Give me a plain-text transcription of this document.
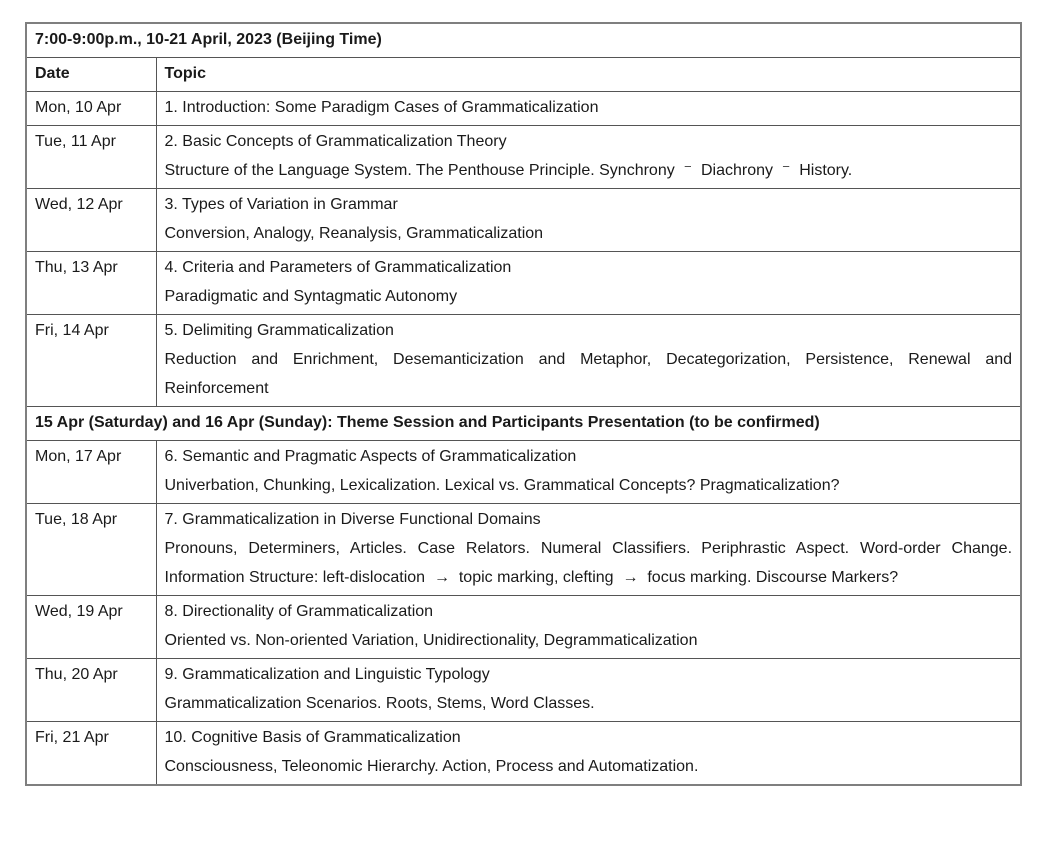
7:00-9:00p.m., 10-21 April, 2023 (Beijing Time)	
Date	Topic
Mon, 10 Apr	1. Introduction: Some Paradigm Cases of Grammaticalization

Tue, 11 Apr	2. Basic Concepts of Grammaticalization Theory
Structure of the Language System. The Penthouse Principle. Synchrony  ⁻  Diachrony  ⁻  History.

Wed, 12 Apr	3. Types of Variation in Grammar
Conversion, Analogy, Reanalysis, Grammaticalization

Thu, 13 Apr	4. Criteria and Parameters of Grammaticalization
Paradigmatic and Syntagmatic Autonomy

Fri, 14 Apr	5. Delimiting Grammaticalization
Reduction and Enrichment, Desemanticization and Metaphor, Decategorization, Persistence, Renewal and Reinforcement

15 Apr (Saturday) and 16 Apr (Sunday): Theme Session and Participants Presentation (to be confirmed)	
Mon, 17 Apr	6. Semantic and Pragmatic Aspects of Grammaticalization
Univerbation, Chunking, Lexicalization. Lexical vs. Grammatical Concepts? Pragmaticalization?

Tue, 18 Apr	7. Grammaticalization in Diverse Functional Domains
Pronouns, Determiners, Articles. Case Relators. Numeral Classifiers. Periphrastic Aspect. Word-order Change. Information Structure: left-dislocation  →  topic marking, clefting  →  focus marking. Discourse Markers?

Wed, 19 Apr	8. Directionality of Grammaticalization
Oriented vs. Non-oriented Variation, Unidirectionality, Degrammaticalization

Thu, 20 Apr	9. Grammaticalization and Linguistic Typology
Grammaticalization Scenarios. Roots, Stems, Word Classes.

Fri, 21 Apr	10. Cognitive Basis of Grammaticalization
Consciousness, Teleonomic Hierarchy. Action, Process and Automatization.
